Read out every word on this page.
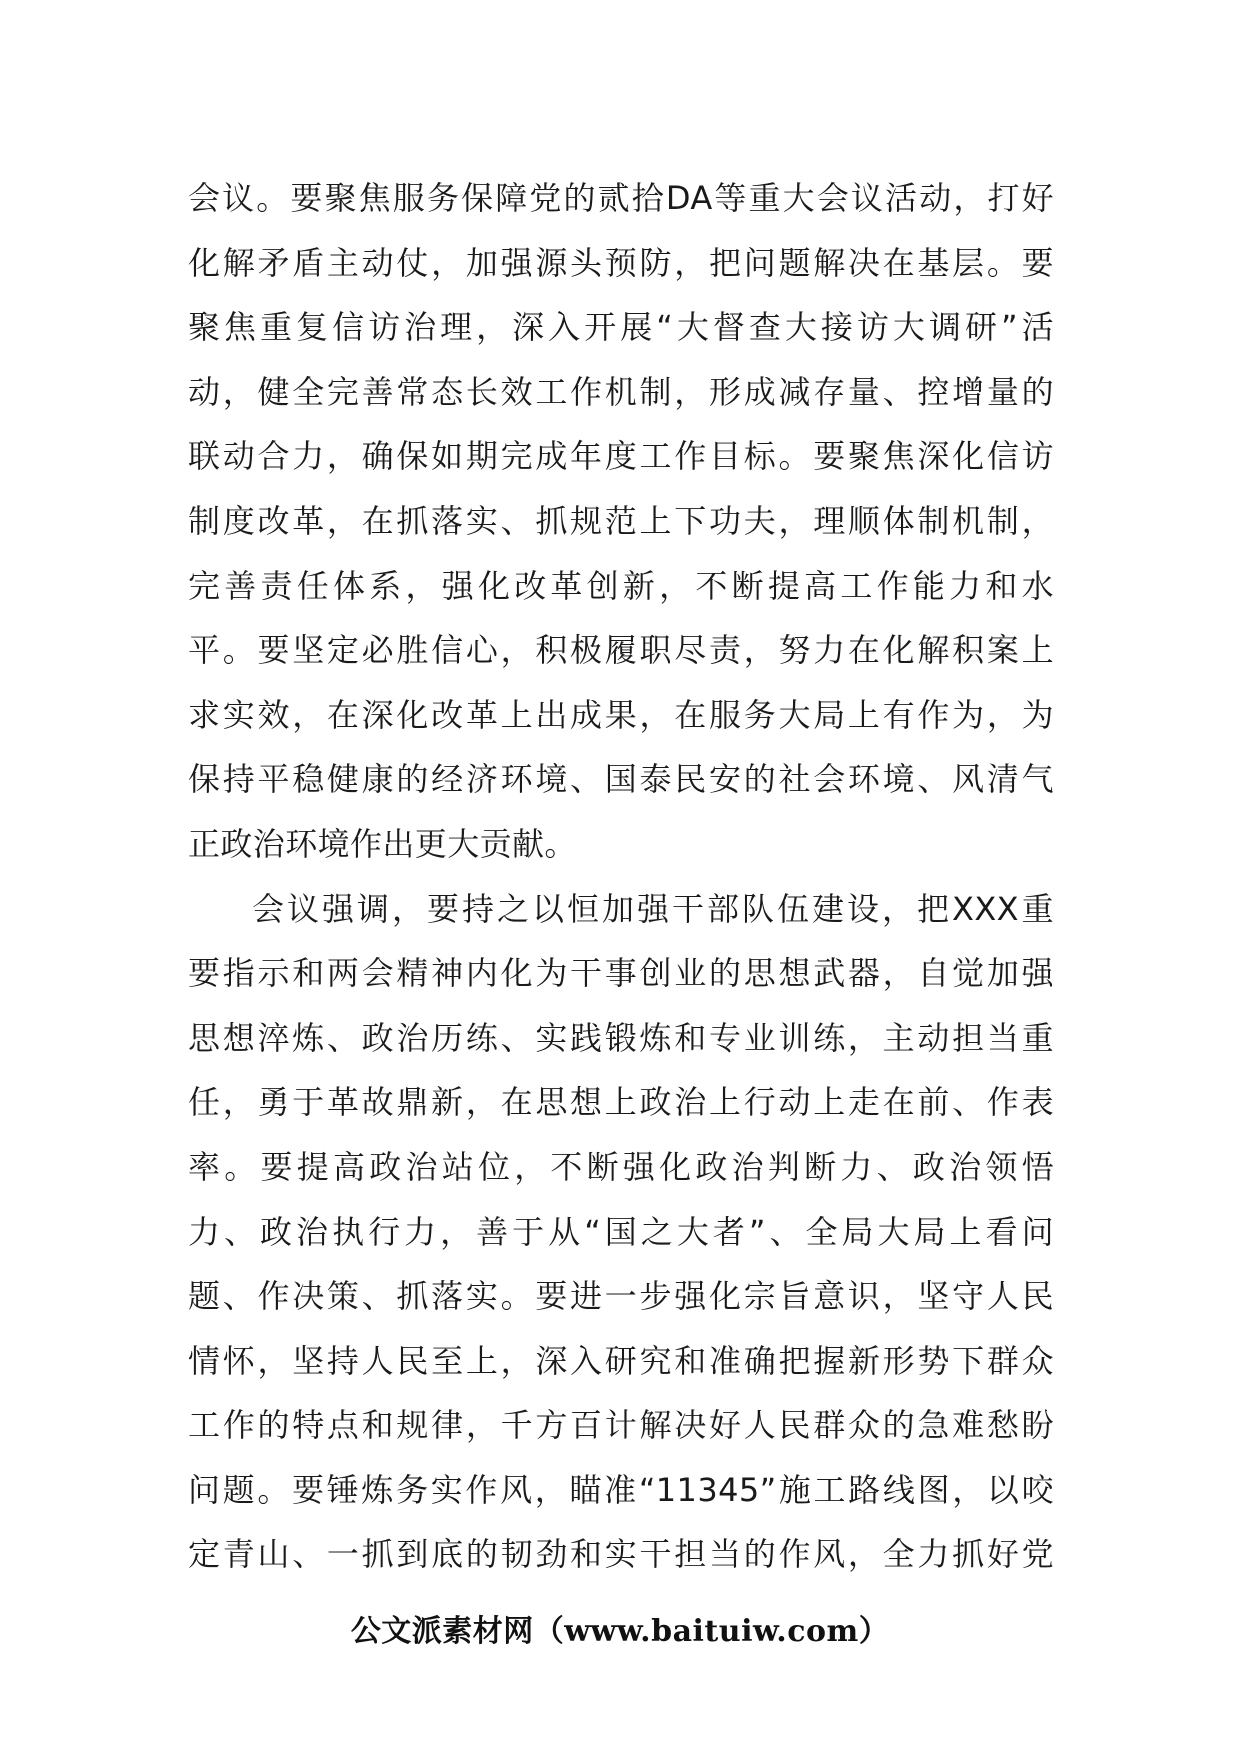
会议。要聚焦服务保障党的贰拾DA等重大会议活动，打好
化解矛盾主动仗，加强源头预防，把问题解决在基层。要
聚焦重复信访治理，深入开展“大督查大接访大调研”活
动，健全完善常态长效工作机制，形成减存量、控增量的
联动合力，确保如期完成年度工作目标。要聚焦深化信访
制度改革，在抓落实、抓规范上下功夫，理顺体制机制，
完善责任体系，强化改革创新，不断提高工作能力和水
平。要坚定必胜信心，积极履职尽责，努力在化解积案上
求实效，在深化改革上出成果，在服务大局上有作为，为
保持平稳健康的经济环境、国泰民安的社会环境、风清气
正政治环境作出更大贡献。
会议强调，要持之以恒加强干部队伍建设，把XXX重
要指示和两会精神内化为干事创业的思想武器，自觉加强
思想淬炼、政治历练、实践锻炼和专业训练，主动担当重
任，勇于革故鼎新，在思想上政治上行动上走在前、作表
率。要提高政治站位，不断强化政治判断力、政治领悟
力、政治执行力，善于从“国之大者”、全局大局上看问
题、作决策、抓落实。要进一步强化宗旨意识，坚守人民
情怀，坚持人民至上，深入研究和准确把握新形势下群众
工作的特点和规律，千方百计解决好人民群众的急难愁盼
问题。要锤炼务实作风，瞄准“11345”施工路线图，以咬
定青山、一抓到底的韧劲和实干担当的作风，全力抓好党
公文派素材网（www.baituiw.com）
